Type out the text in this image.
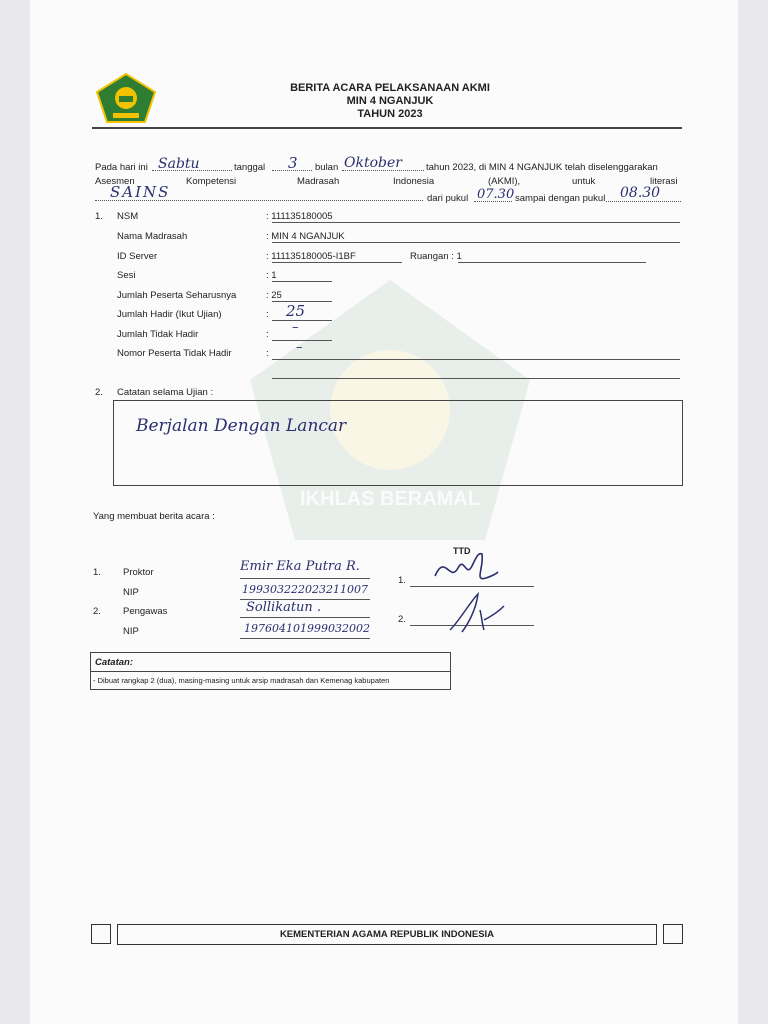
IKHLAS BERAMAL
BERITA ACARA PELAKSANAAN AKMI
MIN 4 NGANJUK
TAHUN 2023
Pada hari ini Sabtu	tanggal 3 bulan Oktober	tahun 2023, di MIN 4 NGANJUK telah diselenggarakan
Asesmen	Kompetensi	Madrasah	Indonesia	(AKMI),	untuk	literasi
SAINS	dari pukul 07.30 sampai dengan pukul 08.30
1. NSM	: 111135180005
Nama Madrasah	: MIN 4 NGANJUK
ID Server	: 111135180005-I1BF	Ruangan : 1
Sesi	: 1
Jumlah Peserta Seharusnya	: 25
Jumlah Hadir (Ikut Ujian)	: 25
Jumlah Tidak Hadir	: –
Nomor Peserta Tidak Hadir	: –
2. Catatan selama Ujian :
Berjalan Dengan Lancar
Yang membuat berita acara :
TTD
1. Proktor	Emir Eka Putra R.
NIP	199303222023211007
2. Pengawas	Sollikatun .
NIP	197604101999032002
1.
2.
Catatan:
- Dibuat rangkap 2 (dua), masing-masing untuk arsip madrasah dan Kemenag kabupaten
KEMENTERIAN AGAMA REPUBLIK INDONESIA
